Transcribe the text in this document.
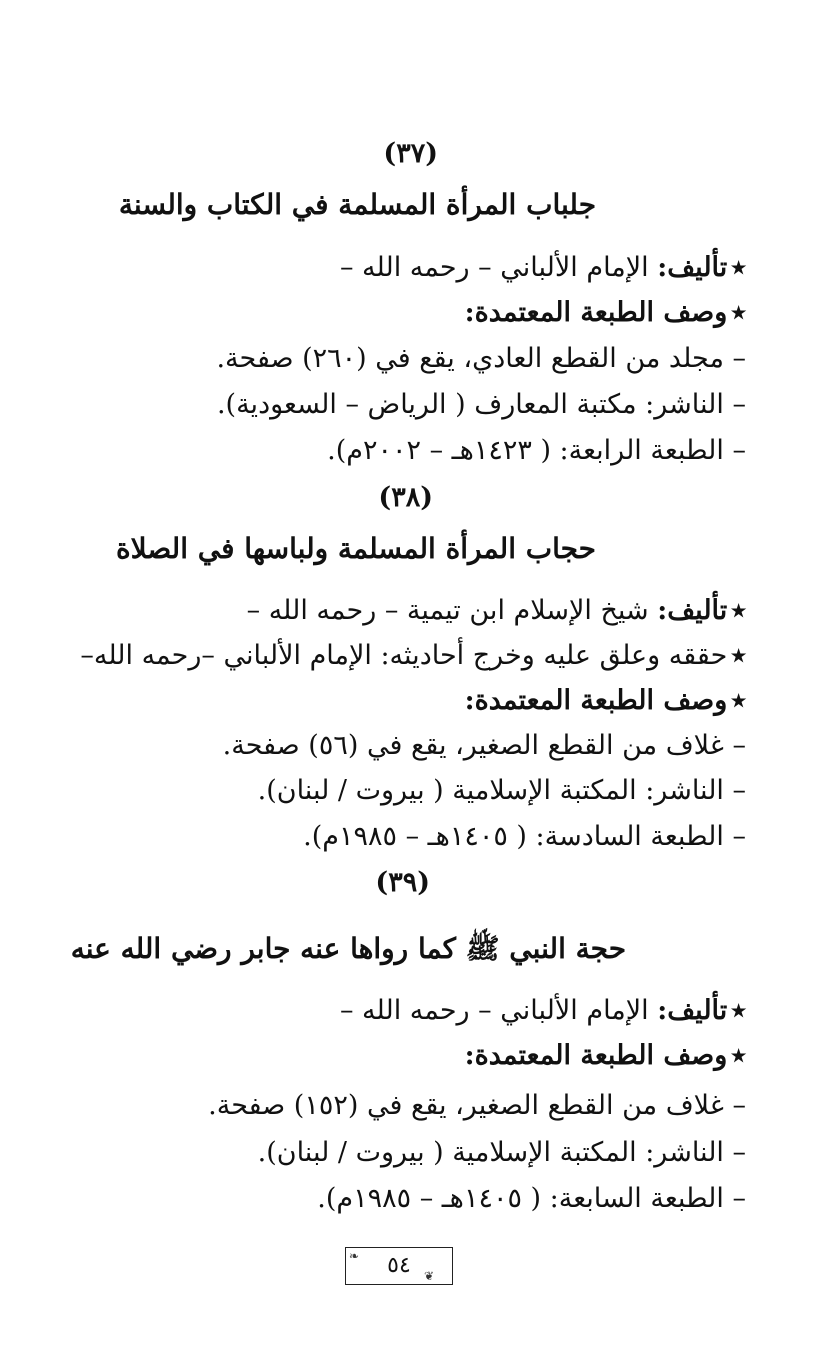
(٣٧)
جلباب المرأة المسلمة في الكتاب والسنة
٭تأليف: الإمام الألباني – رحمه الله –
٭وصف الطبعة المعتمدة:
– مجلد من القطع العادي، يقع في (٢٦٠) صفحة.
– الناشر: مكتبة المعارف ( الرياض – السعودية).
– الطبعة الرابعة: ( ١٤٢٣هـ – ٢٠٠٢م).
(٣٨)
حجاب المرأة المسلمة ولباسها في الصلاة
٭تأليف: شيخ الإسلام ابن تيمية – رحمه الله –
٭حققه وعلق عليه وخرج أحاديثه: الإمام الألباني –رحمه الله–
٭وصف الطبعة المعتمدة:
– غلاف من القطع الصغير، يقع في (٥٦) صفحة.
– الناشر: المكتبة الإسلامية ( بيروت / لبنان).
– الطبعة السادسة: ( ١٤٠٥هـ – ١٩٨٥م).
(٣٩)
حجة النبي ﷺ كما رواها عنه جابر رضي الله عنه
٭تأليف: الإمام الألباني – رحمه الله –
٭وصف الطبعة المعتمدة:
– غلاف من القطع الصغير، يقع في (١٥٢) صفحة.
– الناشر: المكتبة الإسلامية ( بيروت / لبنان).
– الطبعة السابعة: ( ١٤٠٥هـ – ١٩٨٥م).
٥٤
❧
❦
